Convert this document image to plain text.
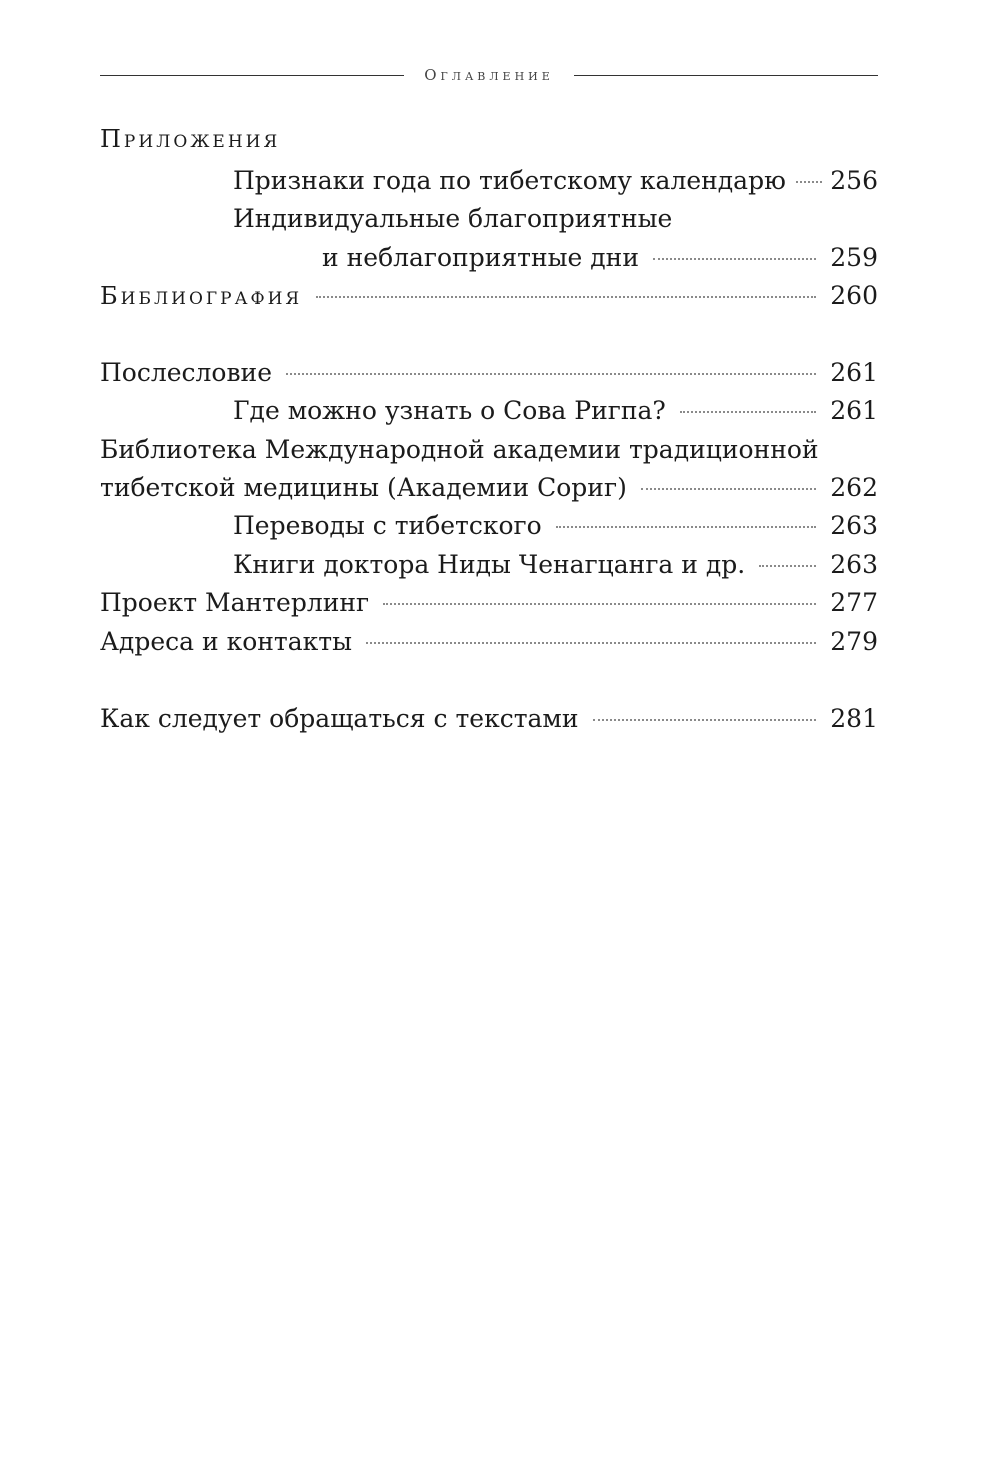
Оглавление
Приложения
Признаки года по тибетскому календарю 256
Индивидуальные благоприятные
и неблагоприятные дни	259
Библиография	260
Послесловие	261
Где можно узнать о Сова Ригпа?	261
Библиотека Международной академии традиционной
тибетской медицины (Академии Сориг)	262
Переводы с тибетского	263
Книги доктора Ниды Ченагцанга и др.	263
Проект Мантерлинг	277
Адреса и контакты	279
Как следует обращаться с текстами	281
